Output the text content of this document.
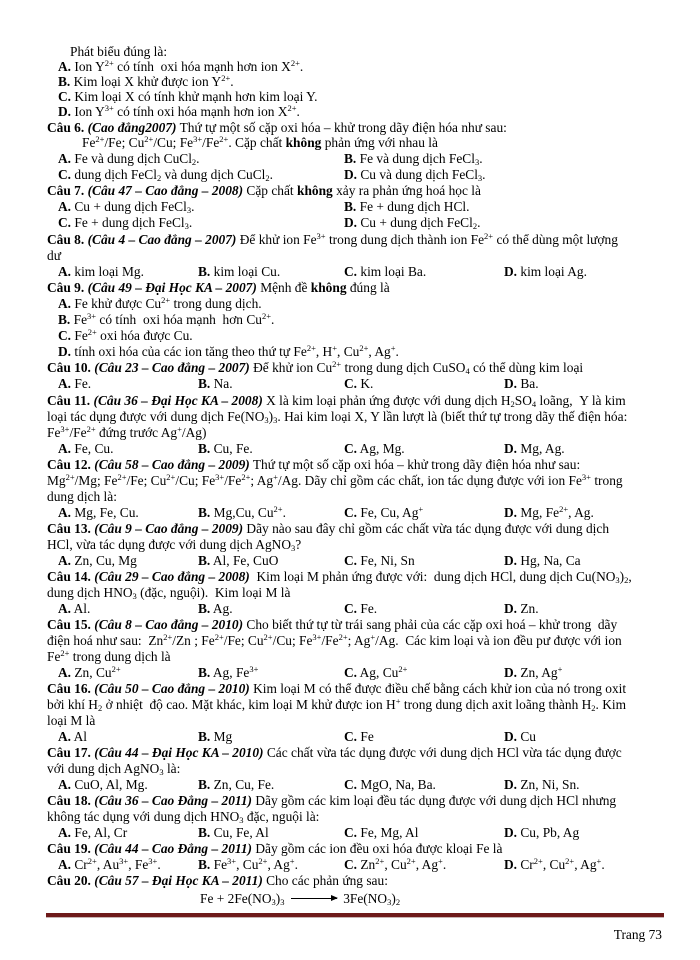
Phát biểu đúng là:
A. Ion $Y^{2+}$ có tính  oxi hóa mạnh hơn ion $X^{2+}$.
B. Kim loại X khử được ion $Y^{2+}$.
C. Kim loại X có tính khử mạnh hơn kim loại Y.
D. Ion $Y^{3+}$ có tính oxi hóa mạnh hơn ion $X^{2+}$.
Câu 6. (Cao đẳng2007) Thứ tự một số cặp oxi hóa – khử trong dãy điện hóa như sau:
$Fe^{2+}/Fe$; $Cu^{2+}/Cu$; $Fe^{3+}/Fe^{2+}$. Cặp chất không phản ứng với nhau là
A. Fe và dung dịch CuCl$_2$.	B. Fe và dung dịch FeCl$_3$.
C. dung dịch FeCl$_2$ và dung dịch CuCl$_2$.	D. Cu và dung dịch FeCl$_3$.
Câu 7. (Câu 47 – Cao đẳng – 2008) Cặp chất không xảy ra phản ứng hoá học là
A. Cu + dung dịch FeCl$_3$.	B. Fe + dung dịch HCl.
C. Fe + dung dịch FeCl$_3$.	D. Cu + dung dịch FeCl$_2$.
Câu 8. (Câu 4 – Cao đẳng – 2007) Để khử ion $Fe^{3+}$ trong dung dịch thành ion $Fe^{2+}$ có thể dùng một lượng
dư
A. kim loại Mg.	B. kim loại Cu.	C. kim loại Ba.	D. kim loại Ag.
Câu 9. (Câu 49 – Đại Học KA – 2007) Mệnh đề không đúng là
A. Fe khử được $Cu^{2+}$ trong dung dịch.
B. $Fe^{3+}$ có tính  oxi hóa mạnh  hơn $Cu^{2+}$.
C. $Fe^{2+}$ oxi hóa được Cu.
D. tính oxi hóa của các ion tăng theo thứ tự $Fe^{2+}$, H+, $Cu^{2+}$, Ag+.
Câu 10. (Câu 23 – Cao đẳng – 2007) Để khử ion $Cu^{2+}$ trong dung dịch CuSO$_4$ có thể dùng kim loại
A. Fe.	B. Na.	C. K.	D. Ba.
Câu 11. (Câu 36 – Đại Học KA – 2008) X là kim loại phản ứng được với dung dịch $H_2SO_4$ loãng,  Y là kim
loại tác dụng được với dung dịch $Fe(NO_3)_3$. Hai kim loại X, Y lần lượt là (biết thứ tự trong dãy thế điện hóa:
$Fe^{3+}/Fe^{2+}$ đứng trước Ag+/Ag)
A. Fe, Cu.	B. Cu, Fe.	C. Ag, Mg.	D. Mg, Ag.
Câu 12. (Câu 58 – Cao đẳng – 2009) Thứ tự một số cặp oxi hóa – khử trong dãy điện hóa như sau:
$Mg^{2+}/Mg$; $Fe^{2+}/Fe$; $Cu^{2+}/Cu$; $Fe^{3+}/Fe^{2+}$; Ag+/Ag. Dãy chỉ gồm các chất, ion tác dụng được với ion $Fe^{3+}$ trong
dung dịch là:
A. Mg, Fe, Cu.	B. Mg,Cu, $Cu^{2+}$.	C. Fe, Cu, Ag+	D. Mg, $Fe^{2+}$, Ag.
Câu 13. (Câu 9 – Cao đẳng – 2009) Dãy nào sau đây chỉ gồm các chất vừa tác dụng được với dung dịch
HCl, vừa tác dụng được với dung dịch AgNO$_3$?
A. Zn, Cu, Mg	B. Al, Fe, CuO	C. Fe, Ni, Sn	D. Hg, Na, Ca
Câu 14. (Câu 29 – Cao đẳng – 2008)  Kim loại M phản ứng được với:  dung dịch HCl, dung dịch $Cu(NO_3)_2$,
dung dịch $HNO_3$ (đặc, nguội).  Kim loại M là
A. Al.	B. Ag.	C. Fe.	D. Zn.
Câu 15. (Câu 8 – Cao đẳng – 2010) Cho biết thứ tự từ trái sang phải của các cặp oxi hoá – khử trong  dãy
điện hoá như sau:  $Zn^{2+}/Zn$ ; $Fe^{2+}/Fe$; $Cu^{2+}/Cu$; $Fe^{3+}/Fe^{2+}$; Ag+/Ag.  Các kim loại và ion đều pư được với ion
$Fe^{2+}$ trong dung dịch là
A. Zn, $Cu^{2+}$	B. Ag, $Fe^{3+}$	C. Ag, $Cu^{2+}$	D. Zn, Ag+
Câu 16. (Câu 50 – Cao đẳng – 2010) Kim loại M có thể được điều chế bằng cách khử ion của nó trong oxit
bởi khí $H_2$ ở nhiệt  độ cao. Mặt khác, kim loại M khử được ion H+ trong dung dịch axit loãng thành $H_2$. Kim
loại M là
A. Al	B. Mg	C. Fe	D. Cu
Câu 17. (Câu 44 – Đại Học KA – 2010) Các chất vừa tác dụng được với dung dịch HCl vừa tác dụng được
với dung dịch AgNO$_3$ là:
A. CuO, Al, Mg.	B. Zn, Cu, Fe.	C. MgO, Na, Ba.	D. Zn, Ni, Sn.
Câu 18. (Câu 36 – Cao Đẳng – 2011) Dãy gồm các kim loại đều tác dụng được với dung dịch HCl nhưng
không tác dụng với dung dịch $HNO_3$ đặc, nguội là:
A. Fe, Al, Cr	B. Cu, Fe, Al	C. Fe, Mg, Al	D. Cu, Pb, Ag
Câu 19. (Câu 44 – Cao Đẳng – 2011) Dãy gồm các ion đều oxi hóa được kloại Fe là
A. $Cr^{2+}$, $Au^{3+}$, $Fe^{3+}$.	B. $Fe^{3+}$, $Cu^{2+}$, Ag+.	C. $Zn^{2+}$, $Cu^{2+}$, Ag+.	D. $Cr^{2+}$, $Cu^{2+}$, Ag+.
Câu 20. (Câu 57 – Đại Học KA – 2011) Cho các phản ứng sau:
$Fe + 2Fe(NO_3)_3$	$3Fe(NO_3)_2$
Trang 73
